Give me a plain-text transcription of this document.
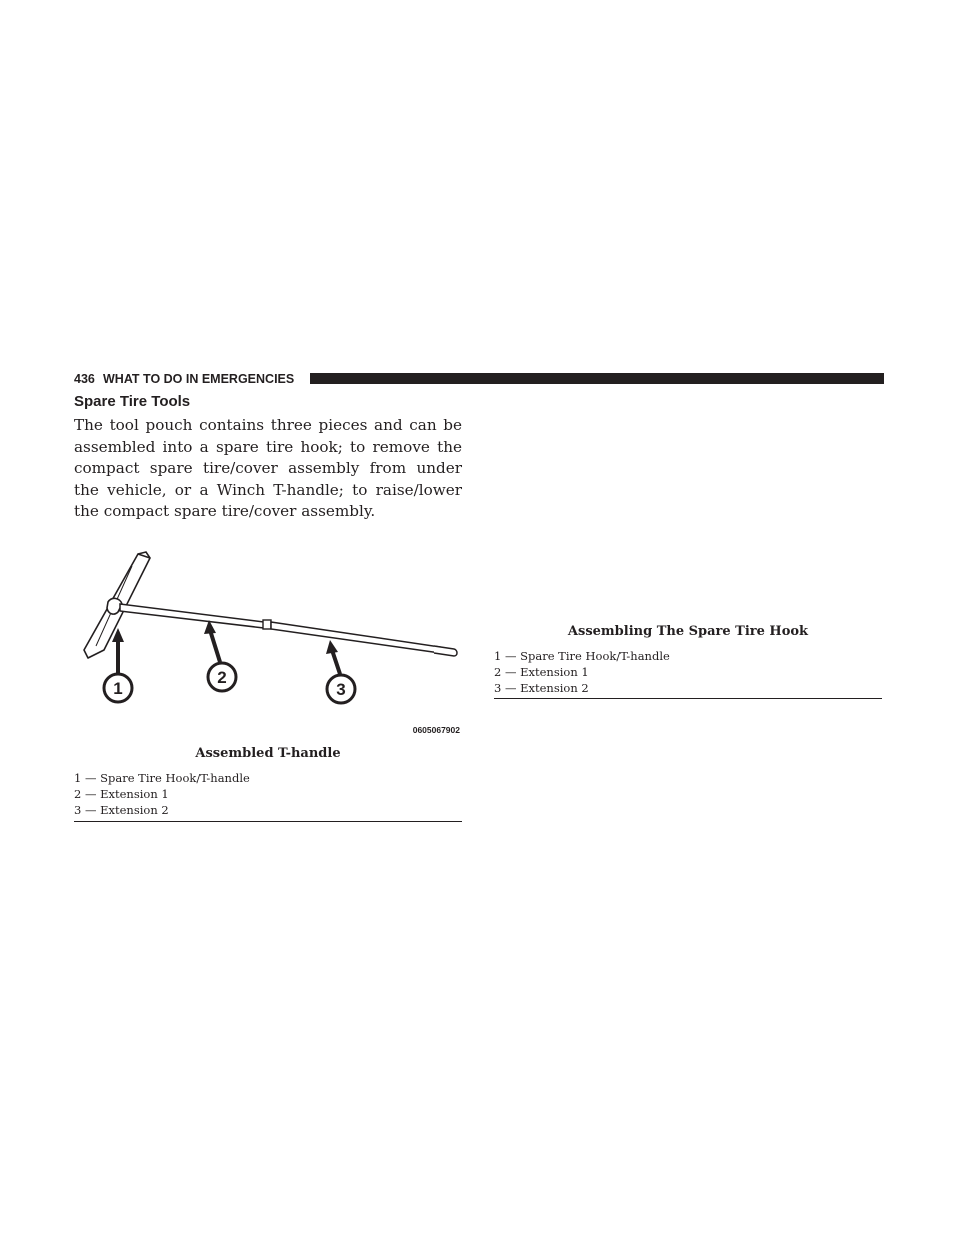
436 WHAT TO DO IN EMERGENCIES
Spare Tire Tools

The tool pouch contains three pieces and can be assembled into a spare tire hook; to remove the compact spare tire/cover assembly from under the vehicle, or a Winch T-handle; to raise/lower the compact spare tire/cover assembly.

1
2
3
0605067902
Assembled T-handle
1 — Spare Tire Hook/T-handle
2 — Extension 1
3 — Extension 2
Assembling The Spare Tire Hook
1 — Spare Tire Hook/T-handle
2 — Extension 1
3 — Extension 2
